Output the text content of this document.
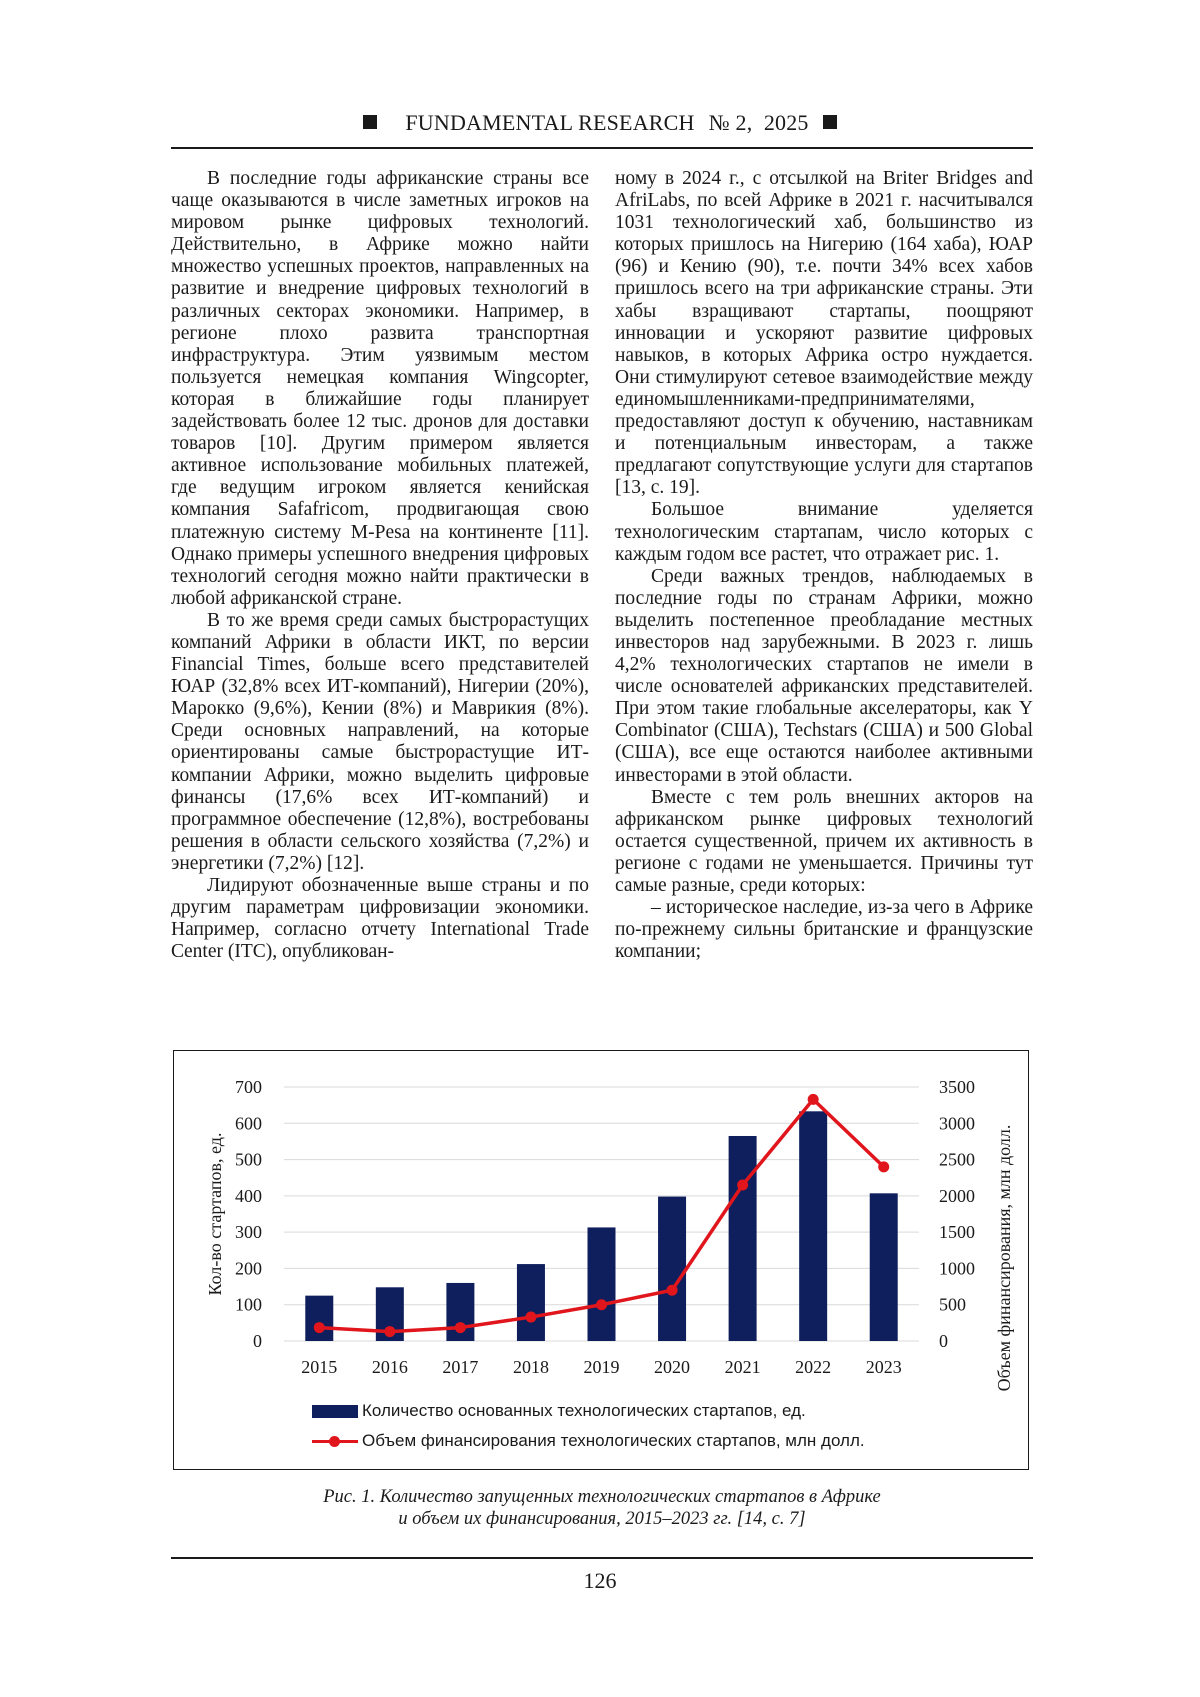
FUNDAMENTAL RESEARCH № 2, 2025

В последние годы африканские страны все чаще оказываются в числе заметных игроков на мировом рынке цифровых технологий. Действительно, в Африке можно найти множество успешных проектов, направленных на развитие и внедрение цифровых технологий в различных секторах экономики. Например, в регионе плохо развита транспортная инфраструктура. Этим уязвимым местом пользуется немецкая компания Wingcopter, которая в ближайшие годы планирует задействовать более 12 тыс. дронов для доставки товаров [10]. Другим примером является активное использование мобильных платежей, где ведущим игроком является кенийская компания Safafricom, продвигающая свою платежную систему M-Pesa на континенте [11]. Однако примеры успешного внедрения цифровых технологий сегодня можно найти практически в любой африканской стране.

В то же время среди самых быстрорастущих компаний Африки в области ИКТ, по версии Financial Times, больше всего представителей ЮАР (32,8% всех ИТ-компаний), Нигерии (20%), Марокко (9,6%), Кении (8%) и Маврикия (8%). Среди основных направлений, на которые ориентированы самые быстрорастущие ИТ-компании Африки, можно выделить цифровые финансы (17,6% всех ИТ-компаний) и программное обеспечение (12,8%), востребованы решения в области сельского хозяйства (7,2%) и энергетики (7,2%) [12].

Лидируют обозначенные выше страны и по другим параметрам цифровизации экономики. Например, согласно отчету International Trade Center (ITC), опубликован-

ному в 2024 г., с отсылкой на Briter Bridges and AfriLabs, по всей Африке в 2021 г. насчитывался 1031 технологический хаб, большинство из которых пришлось на Нигерию (164 хаба), ЮАР (96) и Кению (90), т.е. почти 34% всех хабов пришлось всего на три африканские страны. Эти хабы взращивают стартапы, поощряют инновации и ускоряют развитие цифровых навыков, в которых Африка остро нуждается. Они стимулируют сетевое взаимодействие между единомышленниками-предпринимателями, предоставляют доступ к обучению, наставникам и потенциальным инвесторам, а также предлагают сопутствующие услуги для стартапов [13, с. 19].

Большое внимание уделяется технологическим стартапам, число которых с каждым годом все растет, что отражает рис. 1.

Среди важных трендов, наблюдаемых в последние годы по странам Африки, можно выделить постепенное преобладание местных инвесторов над зарубежными. В 2023 г. лишь 4,2% технологических стартапов не имели в числе основателей африканских представителей. При этом такие глобальные акселераторы, как Y Combinator (США), Techstars (США) и 500 Global (США), все еще остаются наиболее активными инвесторами в этой области.

Вместе с тем роль внешних акторов на африканском рынке цифровых технологий остается существенной, причем их активность в регионе с годами не уменьшается. Причины тут самые разные, среди которых:

– историческое наследие, из-за чего в Африке по-прежнему сильны британские и французские компании;

0
100
200
300
400
500
600
700
0
500
1000
1500
2000
2500
3000
3500
Кол-во стартапов, ед.	Объем финансирования, млн долл.
2015 2016 2017 2018 2019 2020 2021 2022 2023
Количество основанных технологических стартапов, ед.
Объем финансирования технологических стартапов, млн долл.
Рис. 1. Количество запущенных технологических стартапов в Африке
и объем их финансирования, 2015–2023 гг. [14, с. 7]
126
